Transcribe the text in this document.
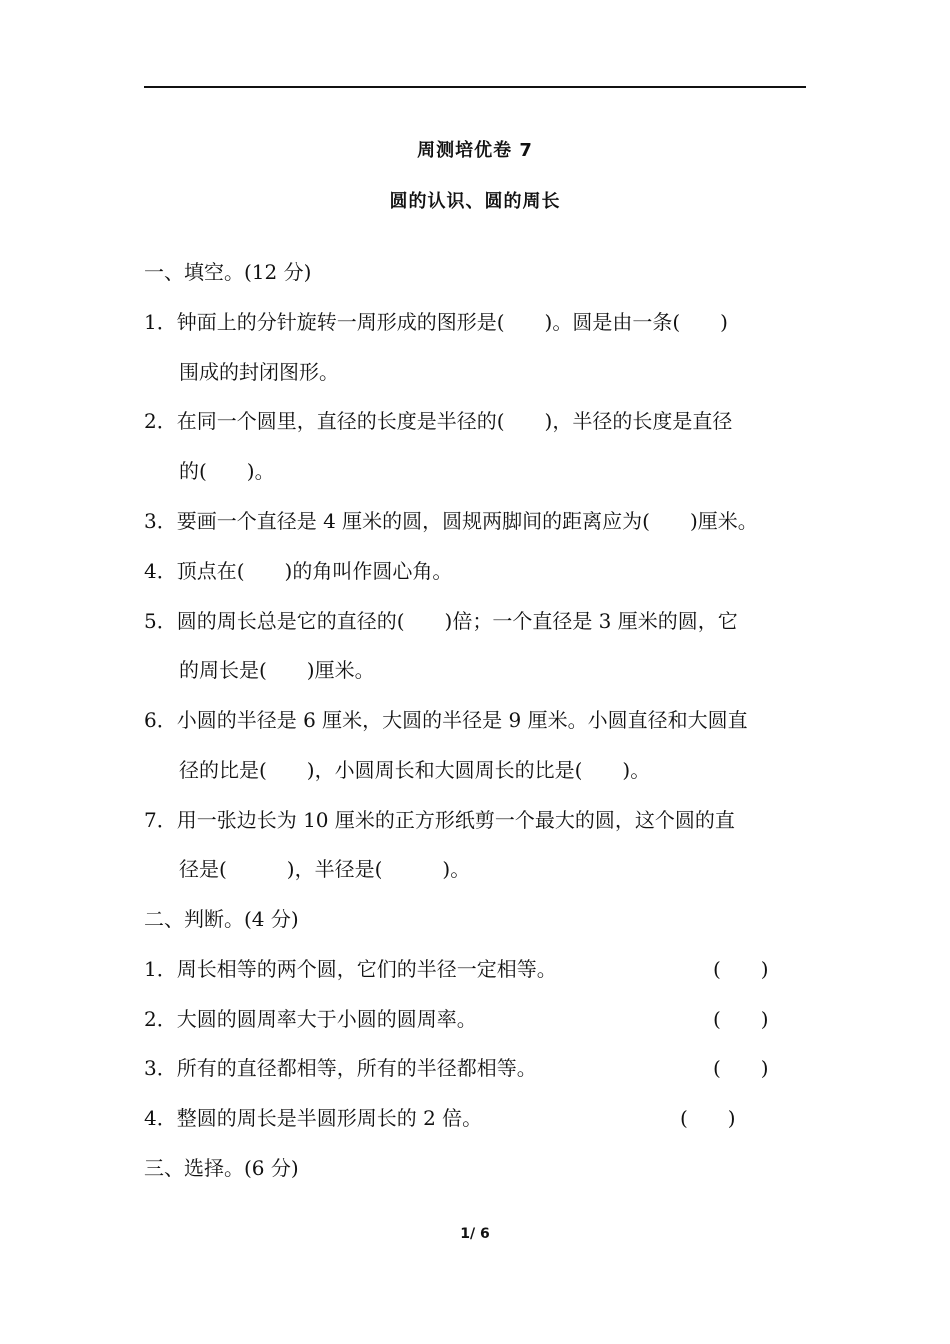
周测培优卷 7
圆的认识、圆的周长
一、填空。(12 分)
1．钟面上的分针旋转一周形成的图形是(　　)。圆是由一条(　　)
围成的封闭图形。
2．在同一个圆里，直径的长度是半径的(　　)，半径的长度是直径
的(　　)。
3．要画一个直径是 4 厘米的圆，圆规两脚间的距离应为(　　)厘米。
4．顶点在(　　)的角叫作圆心角。
5．圆的周长总是它的直径的(　　)倍；一个直径是 3 厘米的圆，它
的周长是(　　)厘米。
6．小圆的半径是 6 厘米，大圆的半径是 9 厘米。小圆直径和大圆直
径的比是(　　)，小圆周长和大圆周长的比是(　　)。
7．用一张边长为 10 厘米的正方形纸剪一个最大的圆，这个圆的直
径是(　　　)，半径是(　　　)。
二、判断。(4 分)
1．周长相等的两个圆，它们的半径一定相等。	(　　)
2．大圆的圆周率大于小圆的圆周率。	(　　)
3．所有的直径都相等，所有的半径都相等。	(　　)
4．整圆的周长是半圆形周长的 2 倍。	(　　)
三、选择。(6 分)
1/ 6
